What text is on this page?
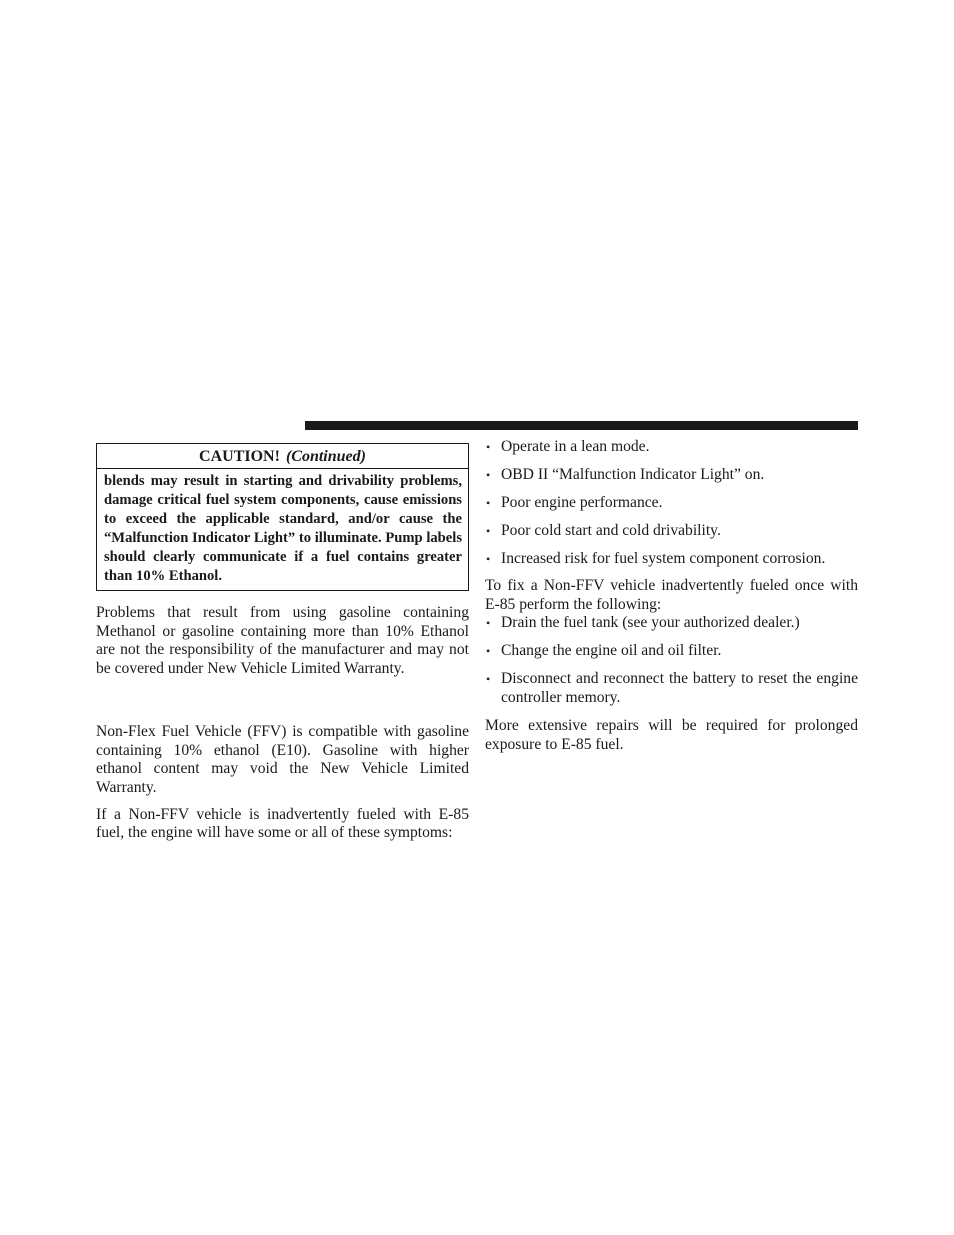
CAUTION! (Continued)
blends may result in starting and drivability problems, damage critical fuel system components, cause emissions to exceed the applicable standard, and/or cause the “Malfunction Indicator Light” to illuminate. Pump labels should clearly communicate if a fuel contains greater than 10% Ethanol.

Problems that result from using gasoline containing Methanol or gasoline containing more than 10% Ethanol are not the responsibility of the manufacturer and may not be covered under New Vehicle Limited Warranty.

Non-Flex Fuel Vehicle (FFV) is compatible with gasoline containing 10% ethanol (E10). Gasoline with higher ethanol content may void the New Vehicle Limited Warranty.

If a Non-FFV vehicle is inadvertently fueled with E-85 fuel, the engine will have some or all of these symptoms:

• Operate in a lean mode.
• OBD II “Malfunction Indicator Light” on.
• Poor engine performance.
• Poor cold start and cold drivability.
• Increased risk for fuel system component corrosion.

To fix a Non-FFV vehicle inadvertently fueled once with E-85 perform the following:

• Drain the fuel tank (see your authorized dealer.)
• Change the engine oil and oil filter.
• Disconnect and reconnect the battery to reset the engine controller memory.

More extensive repairs will be required for prolonged exposure to E-85 fuel.
